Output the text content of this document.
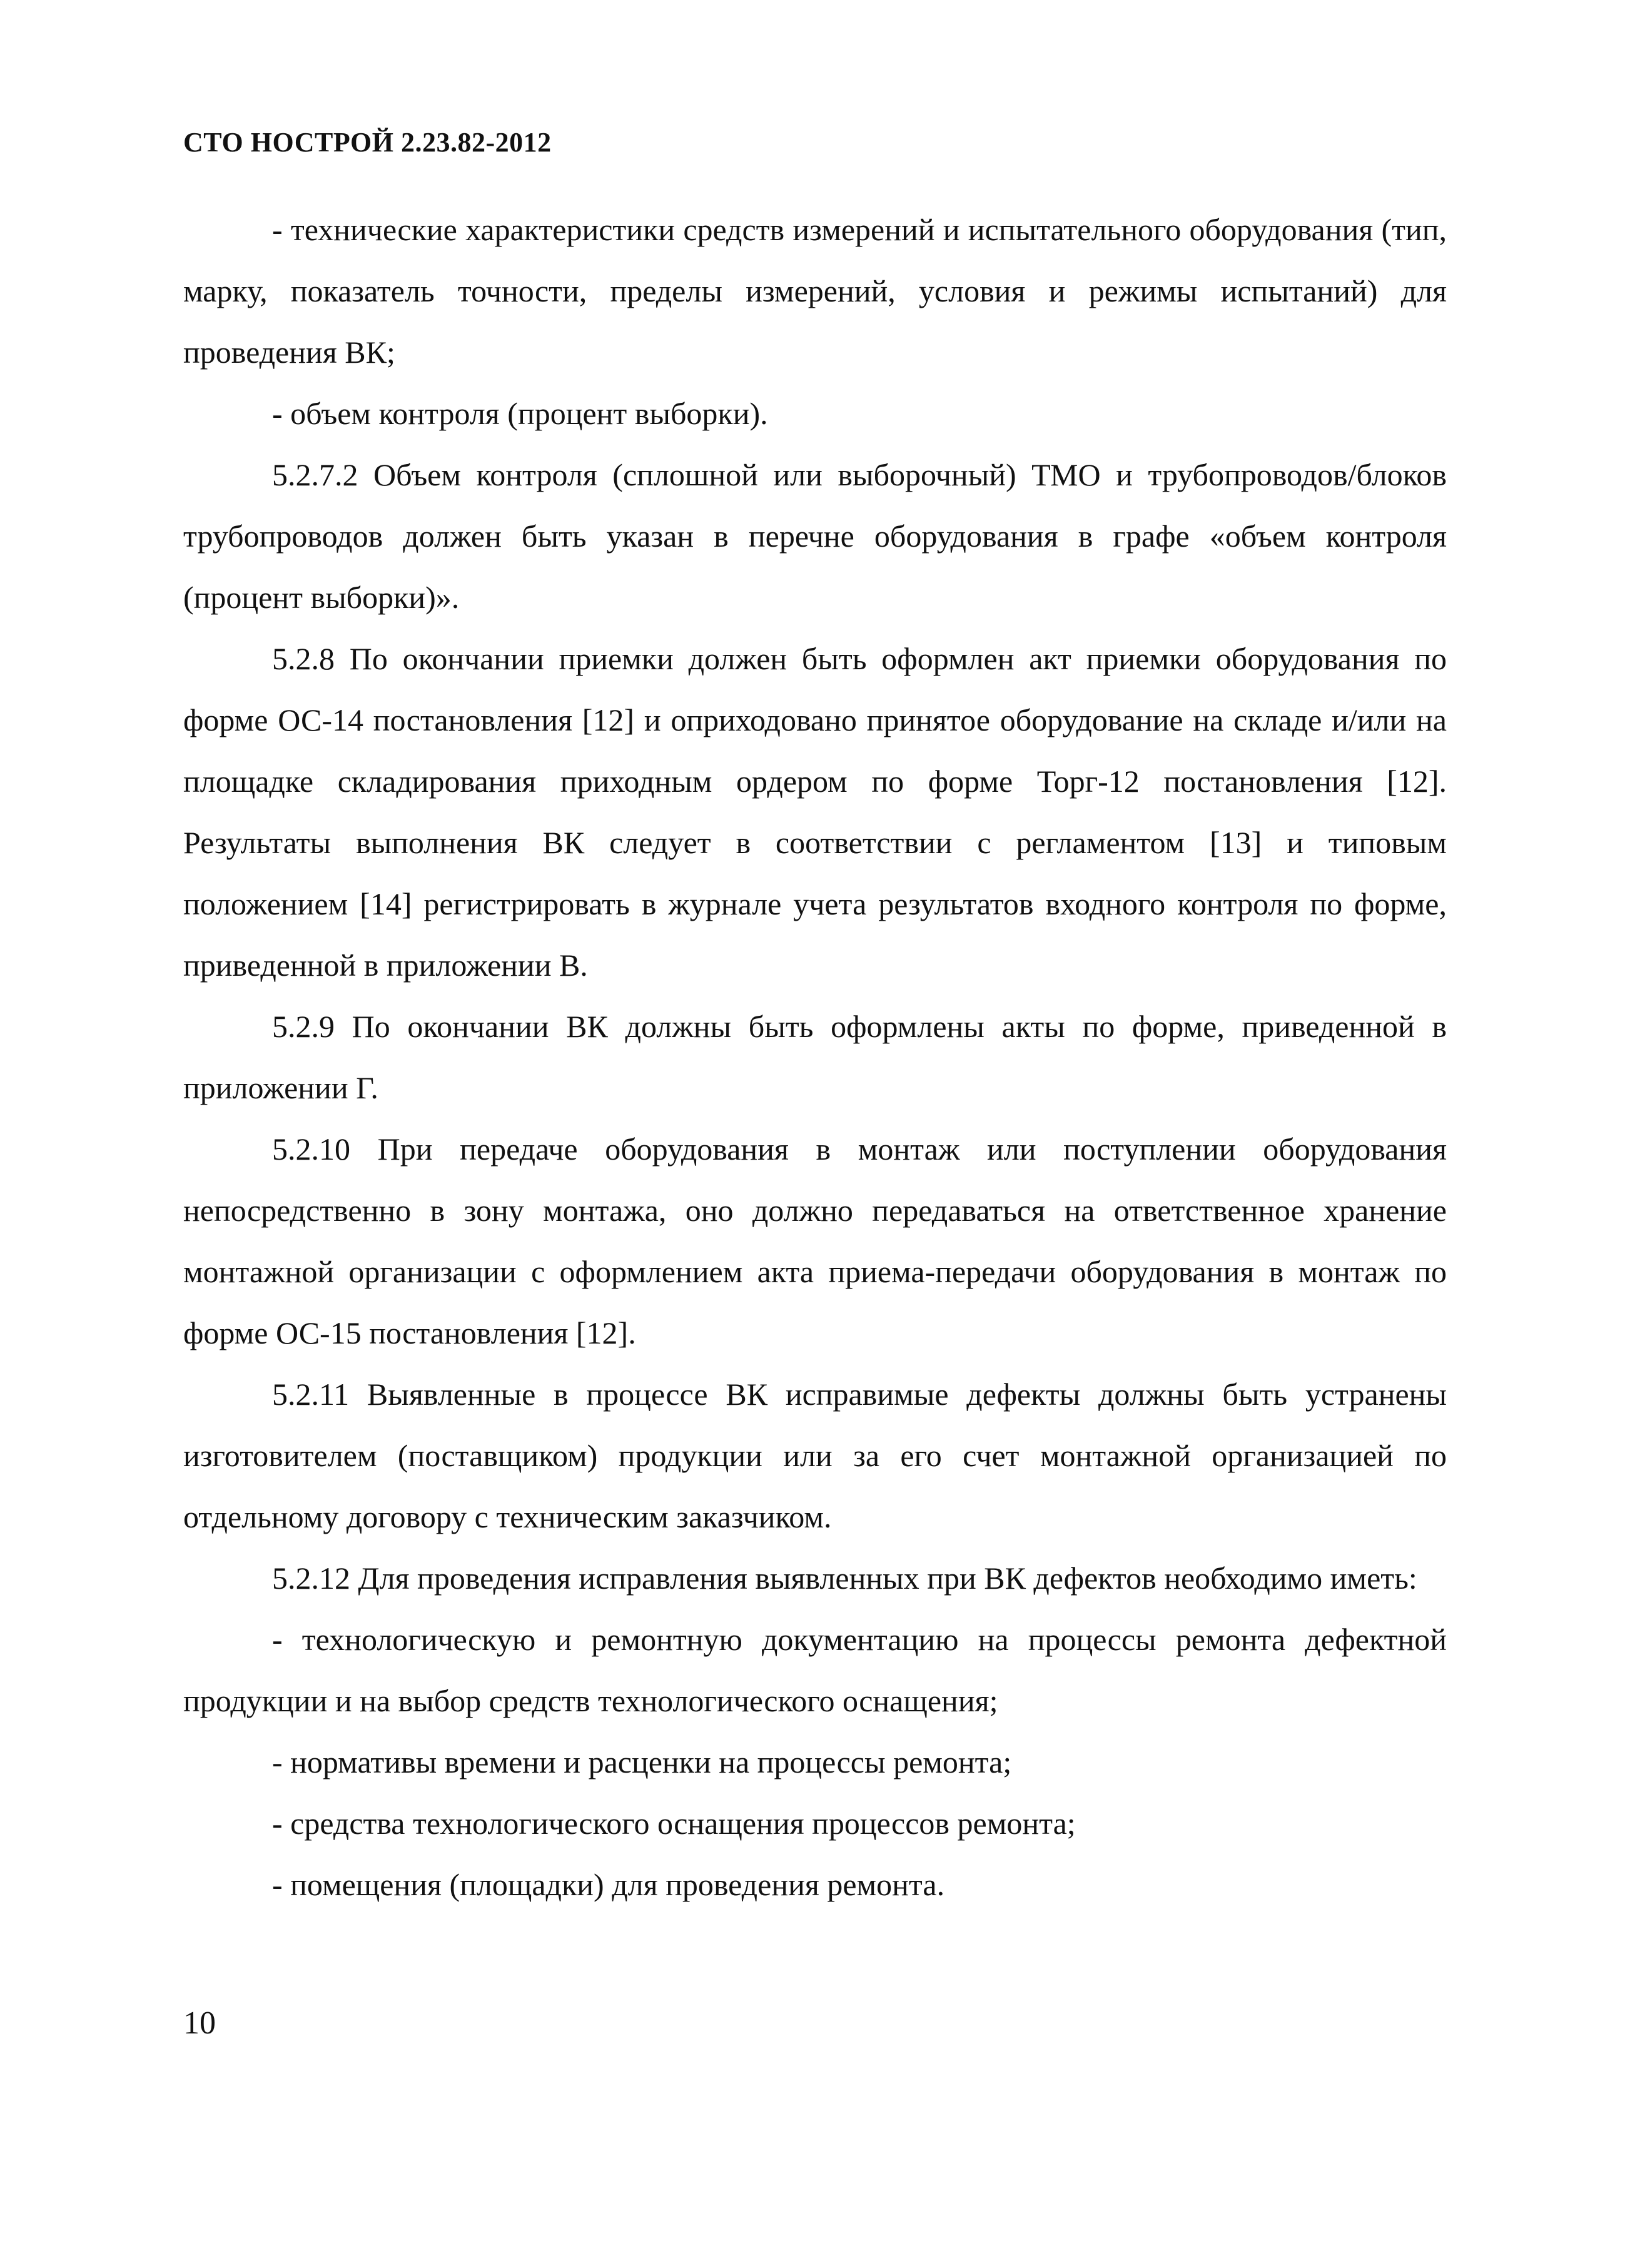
СТО НОСТРОЙ 2.23.82-2012

- технические характеристики средств измерений и испытательного оборудования (тип, марку, показатель точности, пределы измерений, условия и режимы испытаний) для проведения ВК;

- объем контроля (процент выборки).

5.2.7.2 Объем контроля (сплошной или выборочный) ТМО и трубопроводов/блоков трубопроводов должен быть указан в перечне оборудования в графе «объем контроля (процент выборки)».

5.2.8 По окончании приемки должен быть оформлен акт приемки оборудования по форме ОС-14 постановления [12] и оприходовано принятое оборудование на складе и/или на площадке складирования приходным ордером по форме Торг-12 постановления [12]. Результаты выполнения ВК следует в соответствии с регламентом [13] и типовым положением [14] регистрировать в журнале учета результатов входного контроля по форме, приведенной в приложении В.

5.2.9 По окончании ВК должны быть оформлены акты по форме, приведенной в приложении Г.

5.2.10 При передаче оборудования в монтаж или поступлении оборудования непосредственно в зону монтажа, оно должно передаваться на ответственное хранение монтажной организации с оформлением акта приема-передачи оборудования в монтаж по форме ОС-15 постановления [12].

5.2.11 Выявленные в процессе ВК исправимые дефекты должны быть устранены изготовителем (поставщиком) продукции или за его счет монтажной организацией по отдельному договору с техническим заказчиком.

5.2.12 Для проведения исправления выявленных при ВК дефектов необходимо иметь:

- технологическую и ремонтную документацию на процессы ремонта дефектной продукции и на выбор средств технологического оснащения;

- нормативы времени и расценки на процессы ремонта;

- средства технологического оснащения процессов ремонта;

- помещения (площадки) для проведения ремонта.

10
